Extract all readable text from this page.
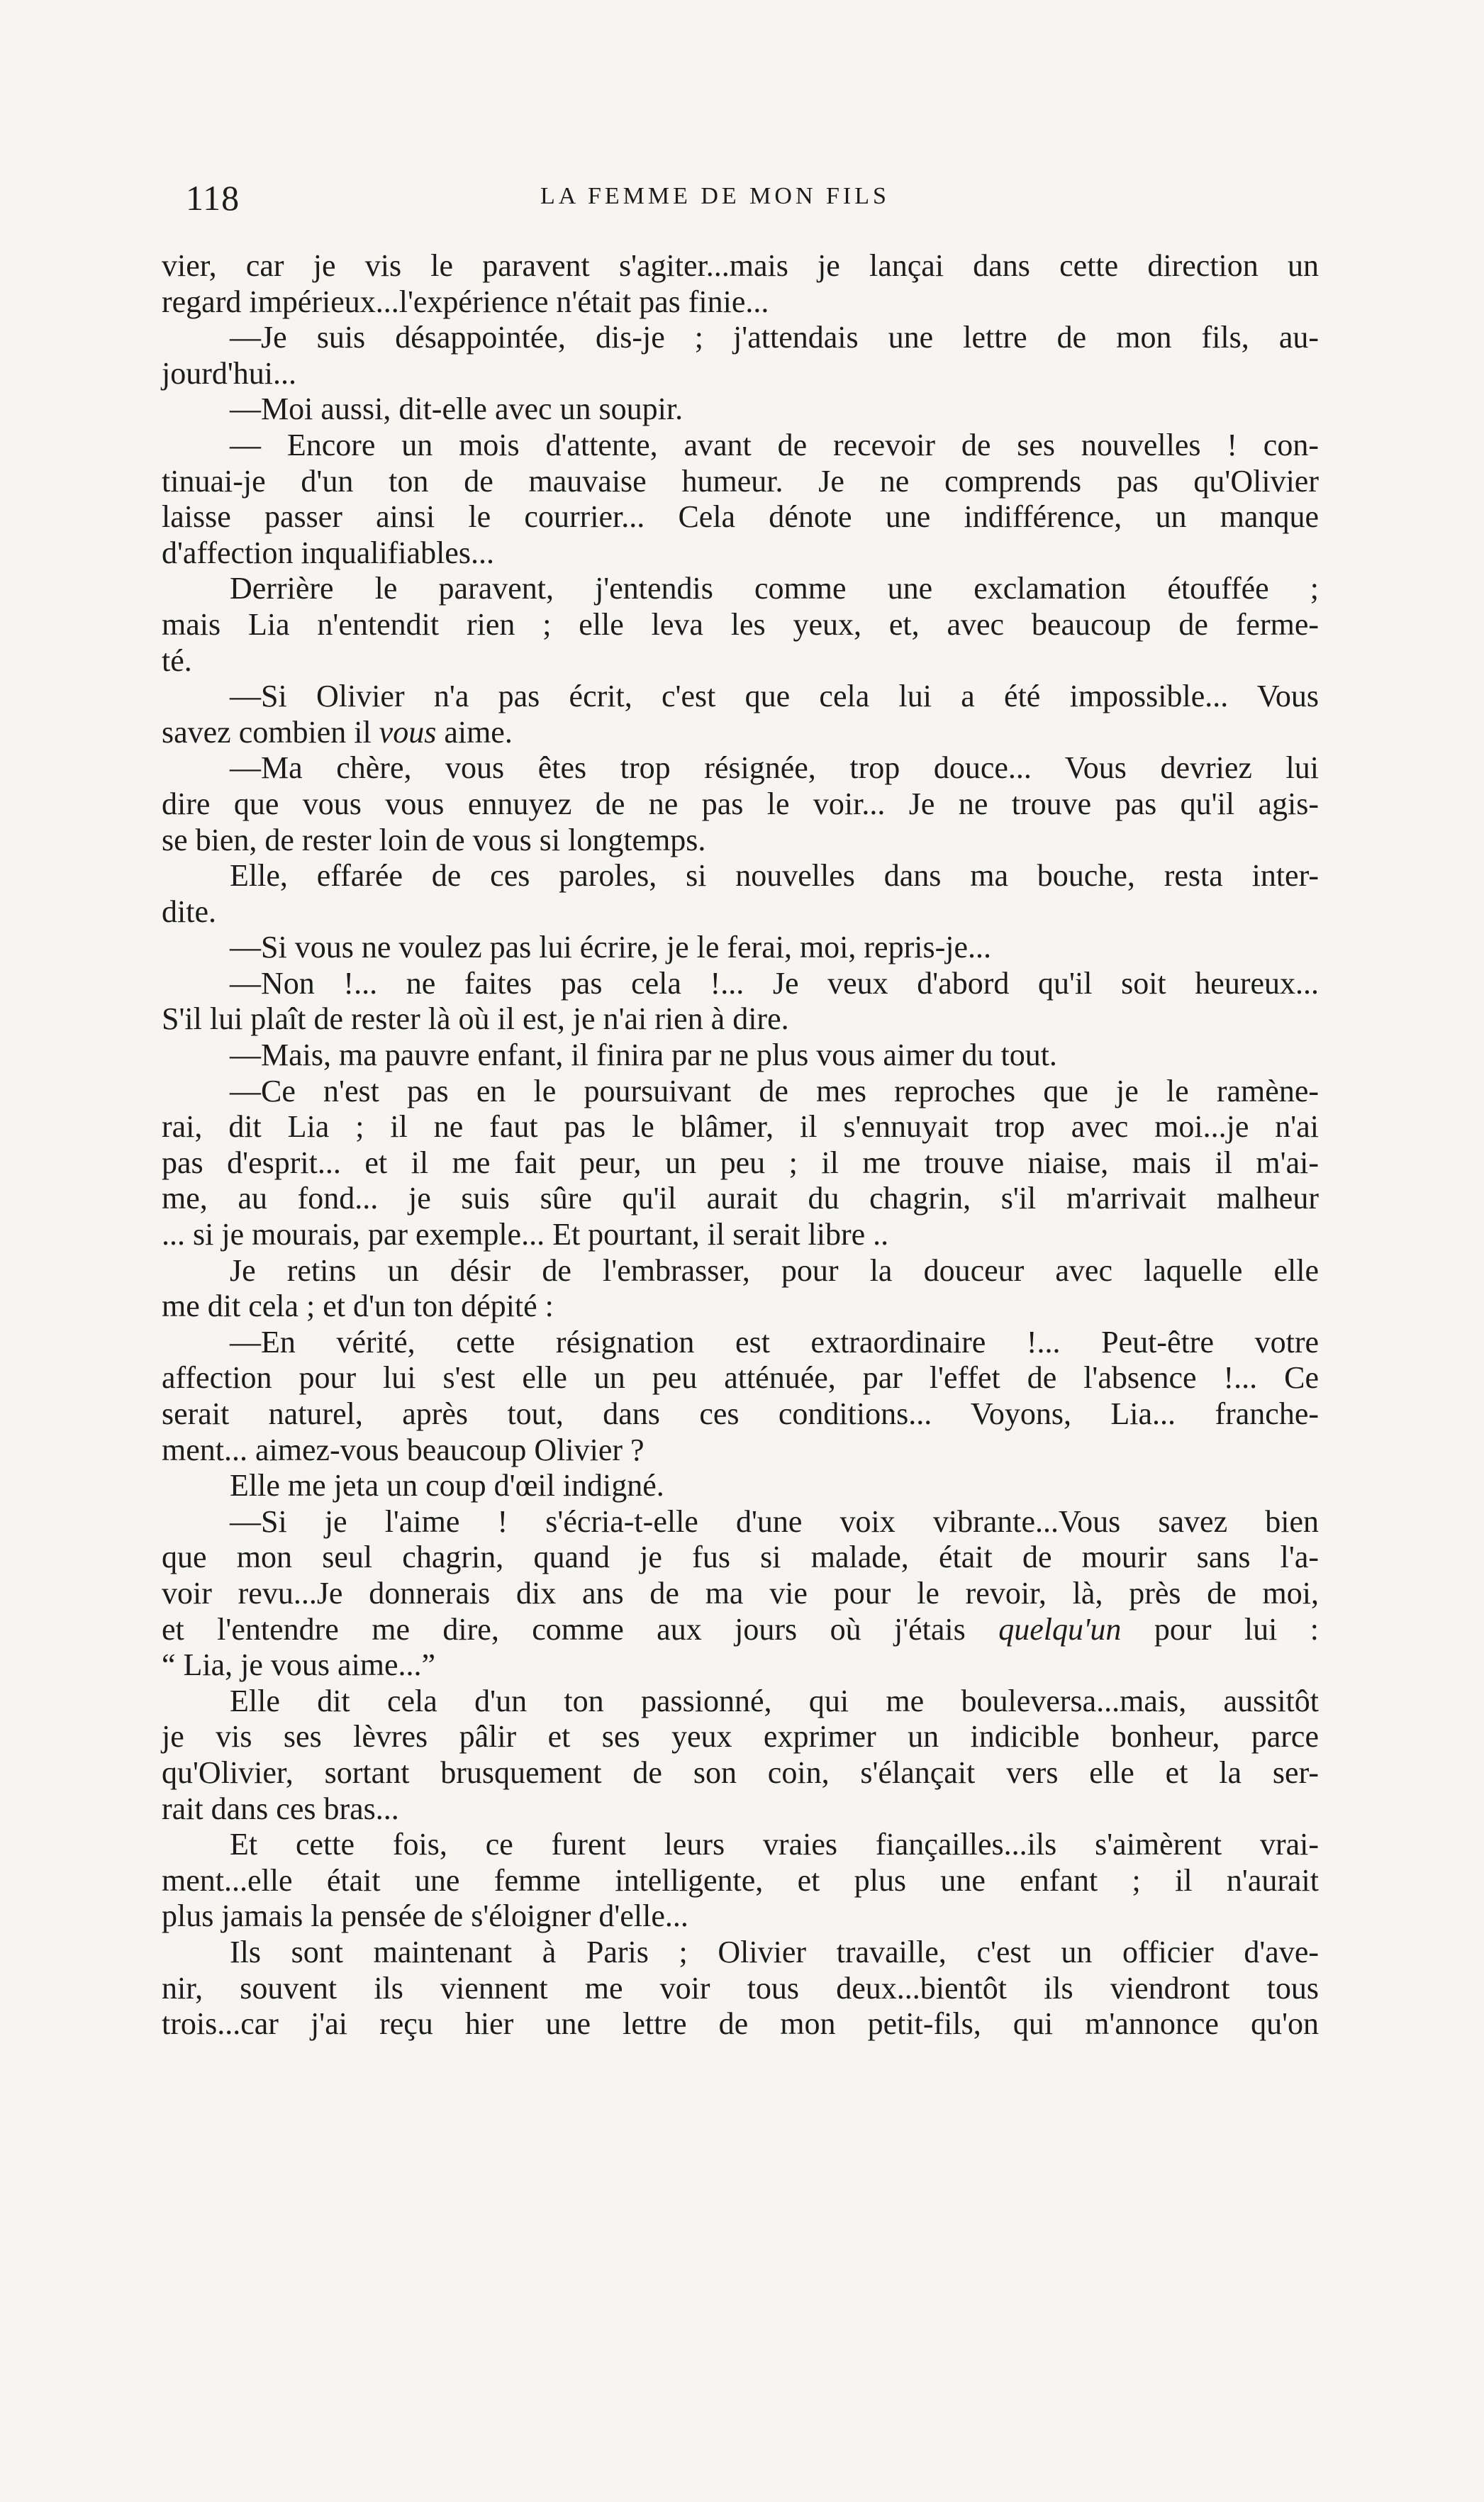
118	LA FEMME DE MON FILS
vier, car je vis le paravent s'agiter...mais je lançai dans cette direction un
regard impérieux...l'expérience n'était pas finie...
—Je suis désappointée, dis-je ; j'attendais une lettre de mon fils, au-
jourd'hui...
—Moi aussi, dit-elle avec un soupir.
— Encore un mois d'attente, avant de recevoir de ses nouvelles ! con-
tinuai-je d'un ton de mauvaise humeur. Je ne comprends pas qu'Olivier
laisse passer ainsi le courrier... Cela dénote une indifférence, un manque
d'affection inqualifiables...
Derrière le paravent, j'entendis comme une exclamation étouffée ;
mais Lia n'entendit rien ; elle leva les yeux, et, avec beaucoup de ferme-
té.
—Si Olivier n'a pas écrit, c'est que cela lui a été impossible... Vous
savez combien il vous aime.
—Ma chère, vous êtes trop résignée, trop douce... Vous devriez lui
dire que vous vous ennuyez de ne pas le voir... Je ne trouve pas qu'il agis-
se bien, de rester loin de vous si longtemps.
Elle, effarée de ces paroles, si nouvelles dans ma bouche, resta inter-
dite.
—Si vous ne voulez pas lui écrire, je le ferai, moi, repris-je...
—Non !... ne faites pas cela !... Je veux d'abord qu'il soit heureux...
S'il lui plaît de rester là où il est, je n'ai rien à dire.
—Mais, ma pauvre enfant, il finira par ne plus vous aimer du tout.
—Ce n'est pas en le poursuivant de mes reproches que je le ramène-
rai, dit Lia ; il ne faut pas le blâmer, il s'ennuyait trop avec moi...je n'ai
pas d'esprit... et il me fait peur, un peu ; il me trouve niaise, mais il m'ai-
me, au fond... je suis sûre qu'il aurait du chagrin, s'il m'arrivait malheur
... si je mourais, par exemple... Et pourtant, il serait libre ..
Je retins un désir de l'embrasser, pour la douceur avec laquelle elle
me dit cela ; et d'un ton dépité :
—En vérité, cette résignation est extraordinaire !... Peut-être votre
affection pour lui s'est elle un peu atténuée, par l'effet de l'absence !... Ce
serait naturel, après tout, dans ces conditions... Voyons, Lia... franche-
ment... aimez-vous beaucoup Olivier ?
Elle me jeta un coup d'œil indigné.
—Si je l'aime ! s'écria-t-elle d'une voix vibrante...Vous savez bien
que mon seul chagrin, quand je fus si malade, était de mourir sans l'a-
voir revu...Je donnerais dix ans de ma vie pour le revoir, là, près de moi,
et l'entendre me dire, comme aux jours où j'étais quelqu'un pour lui :
“ Lia, je vous aime...”
Elle dit cela d'un ton passionné, qui me bouleversa...mais, aussitôt
je vis ses lèvres pâlir et ses yeux exprimer un indicible bonheur, parce
qu'Olivier, sortant brusquement de son coin, s'élançait vers elle et la ser-
rait dans ces bras...
Et cette fois, ce furent leurs vraies fiançailles...ils s'aimèrent vrai-
ment...elle était une femme intelligente, et plus une enfant ; il n'aurait
plus jamais la pensée de s'éloigner d'elle...
Ils sont maintenant à Paris ; Olivier travaille, c'est un officier d'ave-
nir, souvent ils viennent me voir tous deux...bientôt ils viendront tous
trois...car j'ai reçu hier une lettre de mon petit-fils, qui m'annonce qu'on
